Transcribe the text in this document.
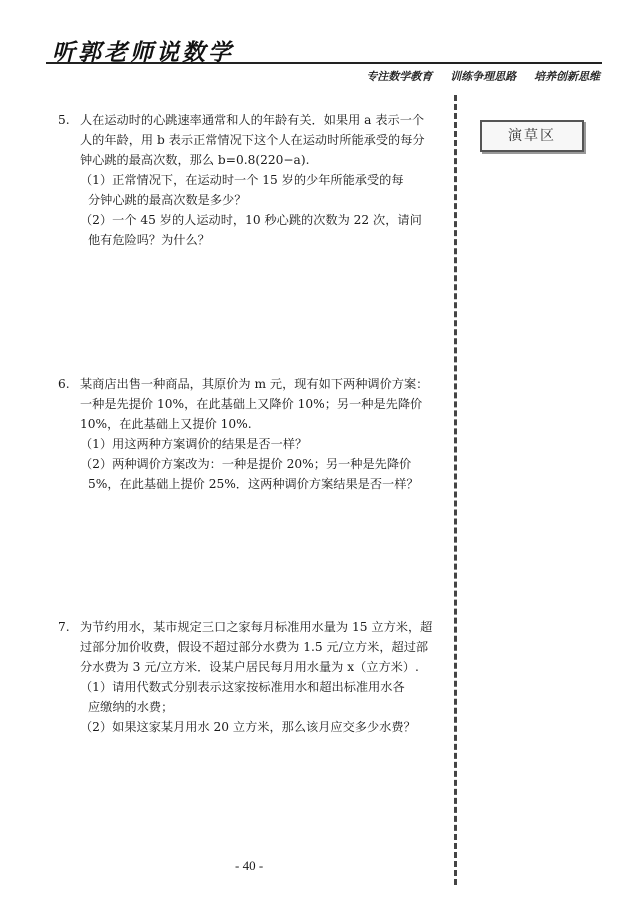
听郭老师说数学
专注数学教育 训练争理思路 培养创新思维
演草区
5. 人在运动时的心跳速率通常和人的年龄有关．如果用 a 表示一个
人的年龄，用 b 表示正常情况下这个人在运动时所能承受的每分
钟心跳的最高次数，那么 b=0.8(220−a).
（1）正常情况下，在运动时一个 15 岁的少年所能承受的每
分钟心跳的最高次数是多少？
（2）一个 45 岁的人运动时，10 秒心跳的次数为 22 次，请问
他有危险吗？为什么？
6. 某商店出售一种商品，其原价为 m 元，现有如下两种调价方案：
一种是先提价 10%，在此基础上又降价 10%；另一种是先降价
10%，在此基础上又提价 10%.
（1）用这两种方案调价的结果是否一样？
（2）两种调价方案改为：一种是提价 20%；另一种是先降价
5%，在此基础上提价 25%．这两种调价方案结果是否一样？
7. 为节约用水，某市规定三口之家每月标准用水量为 15 立方米，超
过部分加价收费，假设不超过部分水费为 1.5 元/立方米，超过部
分水费为 3 元/立方米．设某户居民每月用水量为 x（立方米）.
（1）请用代数式分别表示这家按标准用水和超出标准用水各
应缴纳的水费；
（2）如果这家某月用水 20 立方米，那么该月应交多少水费？
- 40 -
